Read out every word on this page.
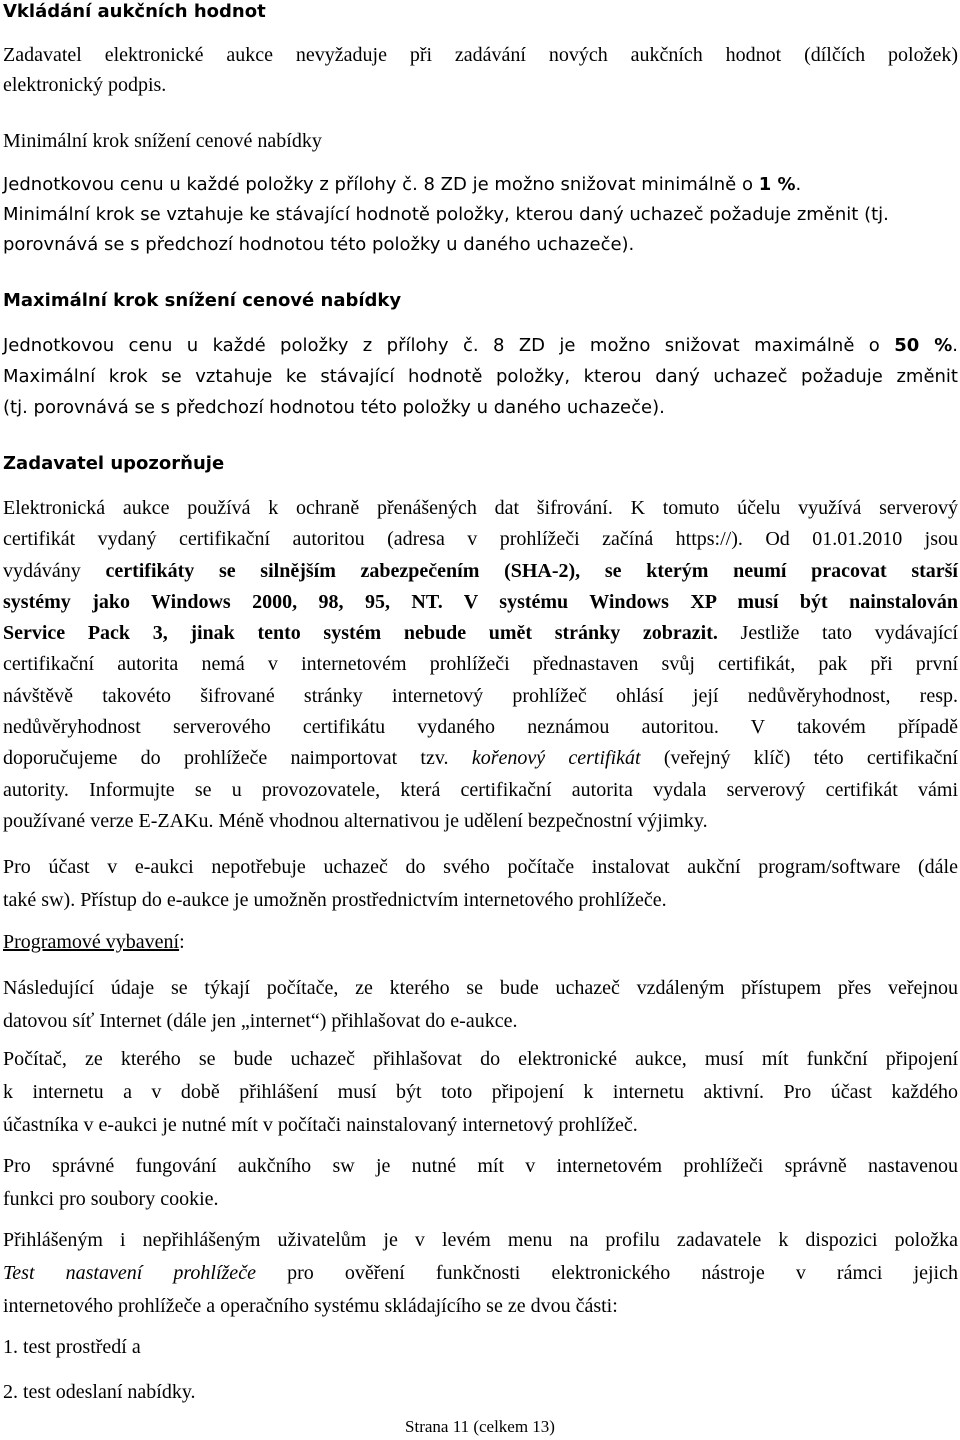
Vkládání aukčních hodnot
Zadavatel elektronické aukce nevyžaduje při zadávání nových aukčních hodnot (dílčích položek)
elektronický podpis.
Minimální krok snížení cenové nabídky
Jednotkovou cenu u každé položky z přílohy č. 8 ZD je možno snižovat minimálně o 1 %.
Minimální krok se vztahuje ke stávající hodnotě položky, kterou daný uchazeč požaduje změnit (tj.
porovnává se s předchozí hodnotou této položky u daného uchazeče).
Maximální krok snížení cenové nabídky
Jednotkovou cenu u každé položky z přílohy č. 8 ZD je možno snižovat maximálně o 50 %.
Maximální krok se vztahuje ke stávající hodnotě položky, kterou daný uchazeč požaduje změnit
(tj. porovnává se s předchozí hodnotou této položky u daného uchazeče).
Zadavatel upozorňuje
Elektronická aukce používá k ochraně přenášených dat šifrování. K tomuto účelu využívá serverový
certifikát vydaný certifikační autoritou (adresa v prohlížeči začíná https://). Od 01.01.2010 jsou
vydávány certifikáty se silnějším zabezpečením (SHA-2), se kterým neumí pracovat starší
systémy jako Windows 2000, 98, 95, NT. V systému Windows XP musí být nainstalován
Service Pack 3, jinak tento systém nebude umět stránky zobrazit. Jestliže tato vydávající
certifikační autorita nemá v internetovém prohlížeči přednastaven svůj certifikát, pak při první
návštěvě takovéto šifrované stránky internetový prohlížeč ohlásí její nedůvěryhodnost, resp.
nedůvěryhodnost serverového certifikátu vydaného neznámou autoritou. V takovém případě
doporučujeme do prohlížeče naimportovat tzv. kořenový certifikát (veřejný klíč) této certifikační
autority. Informujte se u provozovatele, která certifikační autorita vydala serverový certifikát vámi
používané verze E-ZAKu. Méně vhodnou alternativou je udělení bezpečnostní výjimky.
Pro účast v e-aukci nepotřebuje uchazeč do svého počítače instalovat aukční program/software (dále
také sw). Přístup do e-aukce je umožněn prostřednictvím internetového prohlížeče.
Programové vybavení:
Následující údaje se týkají počítače, ze kterého se bude uchazeč vzdáleným přístupem přes veřejnou
datovou síť Internet (dále jen „internet“) přihlašovat do e-aukce.
Počítač, ze kterého se bude uchazeč přihlašovat do elektronické aukce, musí mít funkční připojení
k internetu a v době přihlášení musí být toto připojení k internetu aktivní. Pro účast každého
účastníka v e-aukci je nutné mít v počítači nainstalovaný internetový prohlížeč.
Pro správné fungování aukčního sw je nutné mít v internetovém prohlížeči správně nastavenou
funkci pro soubory cookie.
Přihlášeným i nepřihlášeným uživatelům je v levém menu na profilu zadavatele k dispozici položka
Test nastavení prohlížeče pro ověření funkčnosti elektronického nástroje v rámci jejich
internetového prohlížeče a operačního systému skládajícího se ze dvou části:
1. test prostředí a
2. test odeslaní nabídky.
Strana 11 (celkem 13)
